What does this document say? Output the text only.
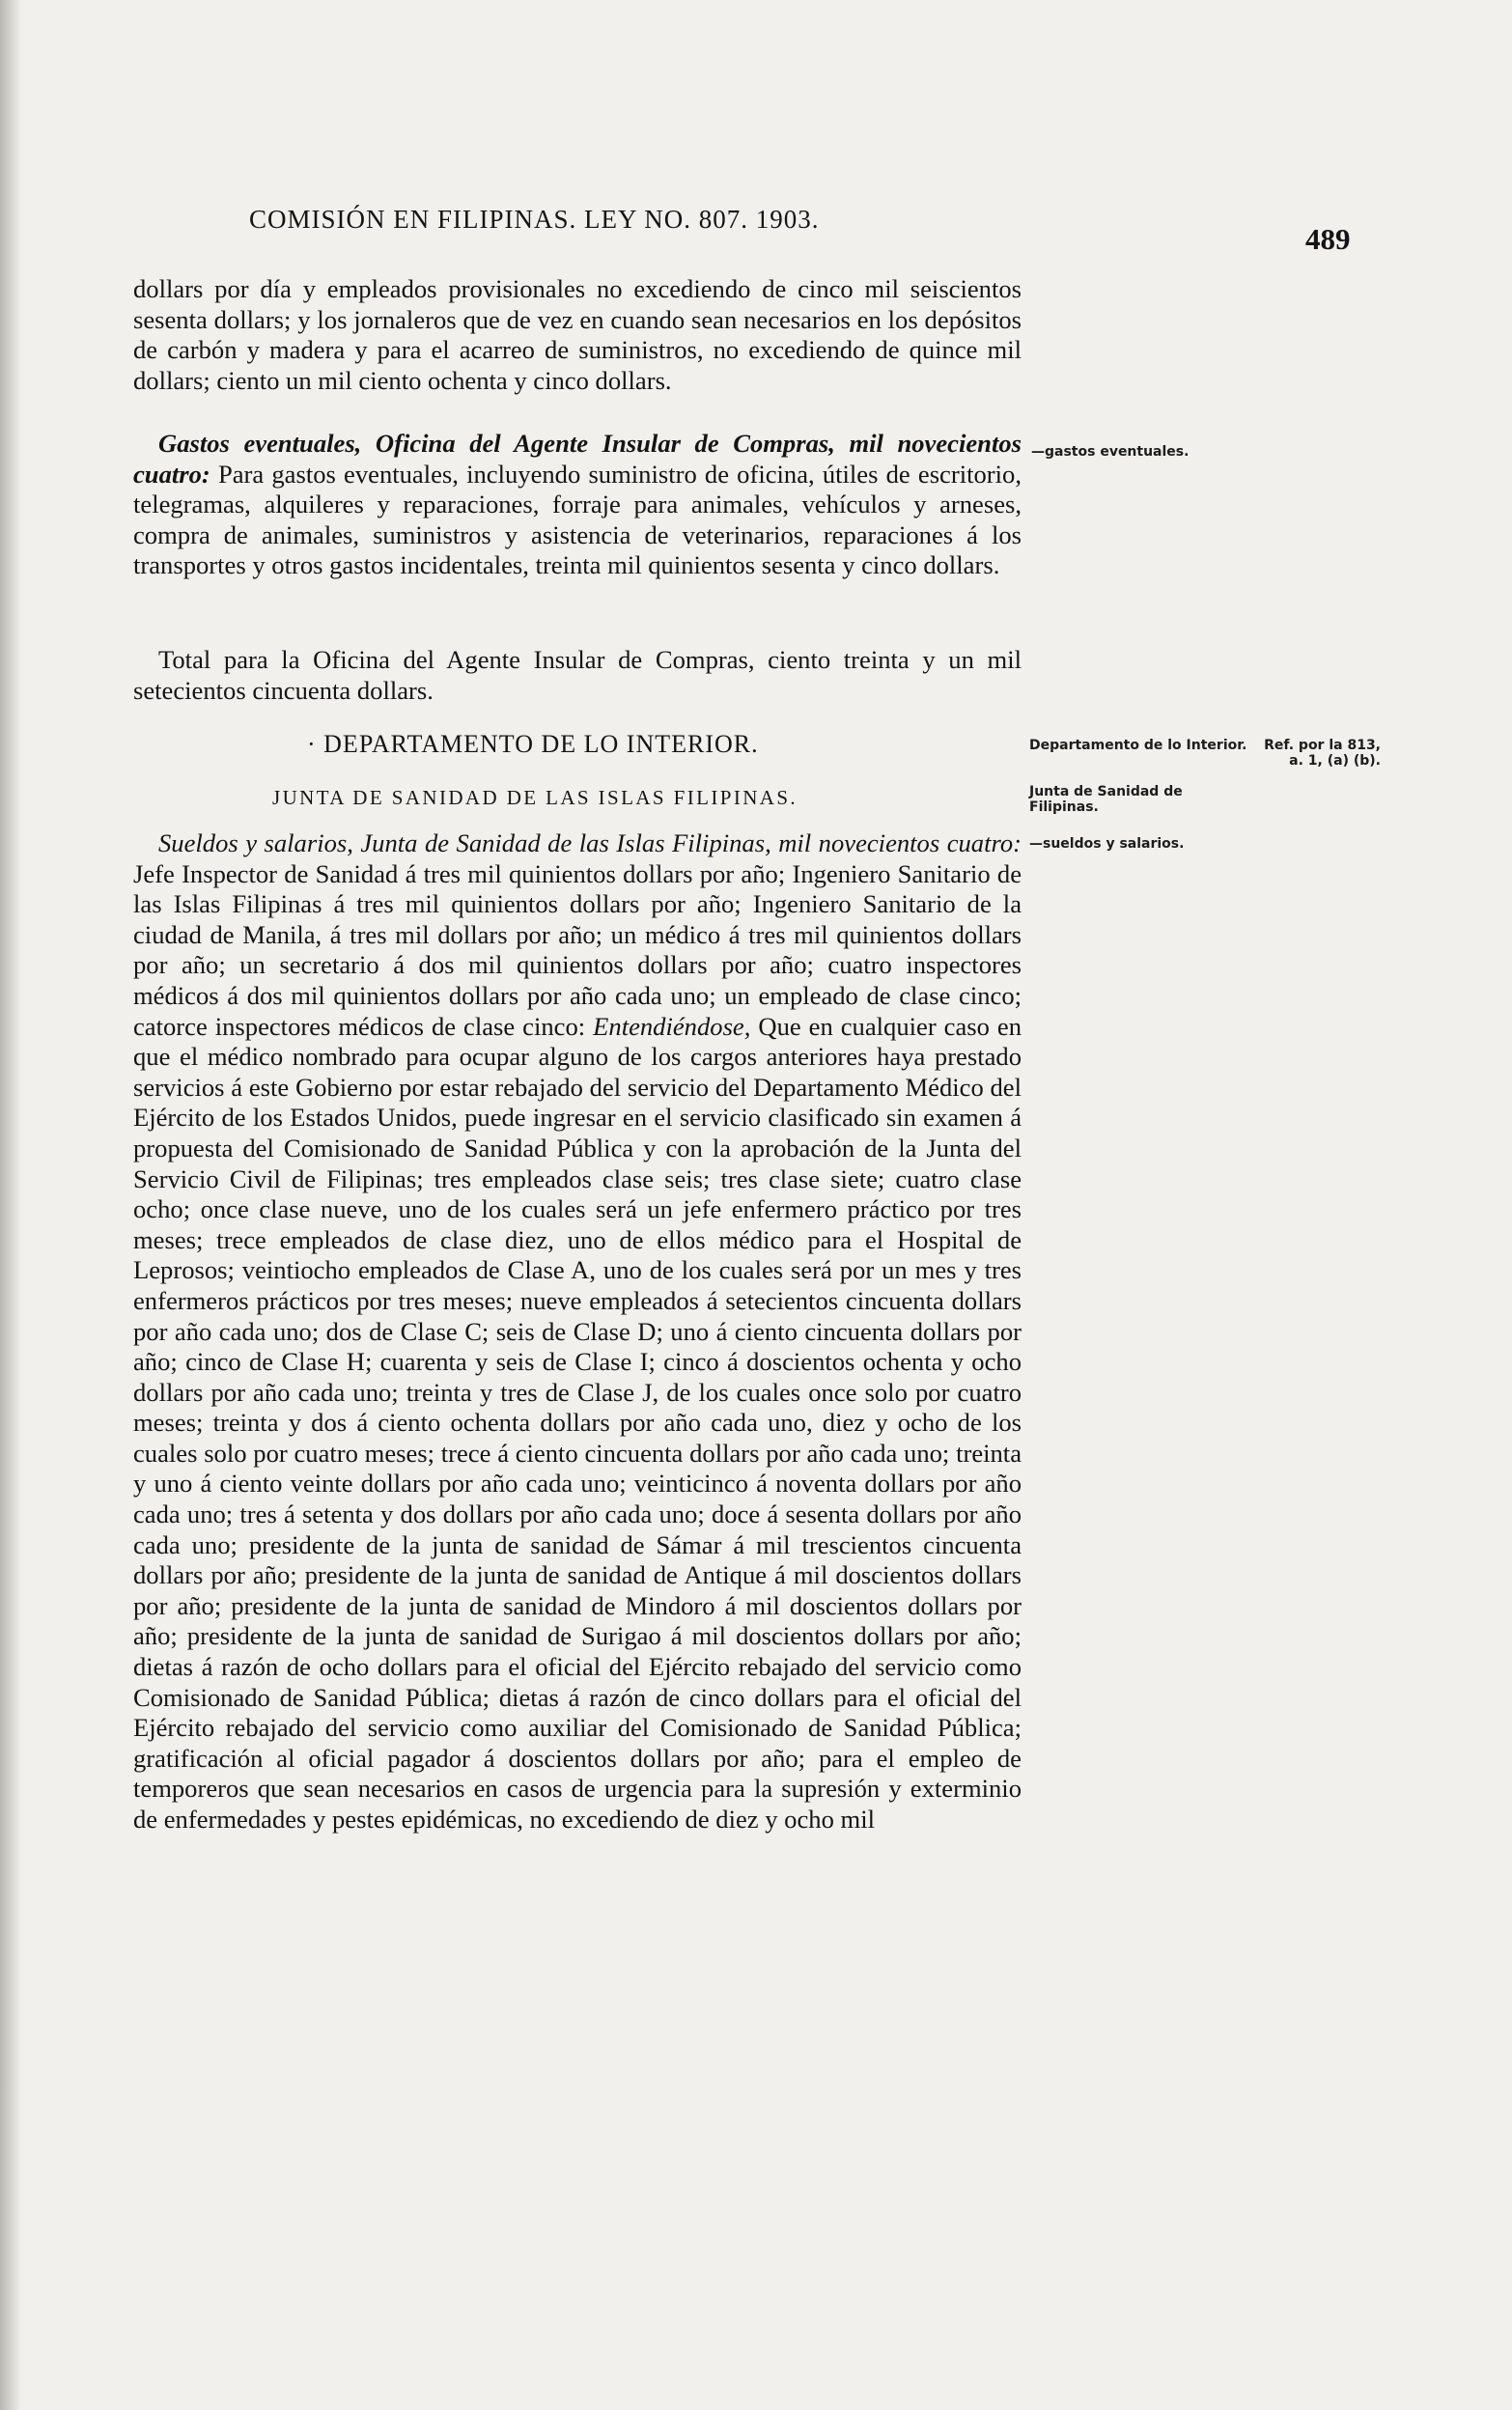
COMISIÓN EN FILIPINAS. LEY NO. 807. 1903.
489

dollars por día y empleados provisionales no excediendo de cinco mil seiscientos sesenta dollars; y los jornaleros que de vez en cuando sean necesarios en los depósitos de carbón y madera y para el acarreo de suministros, no excediendo de quince mil dollars; ciento un mil ciento ochenta y cinco dollars.

Gastos eventuales, Oficina del Agente Insular de Compras, mil novecientos cuatro: Para gastos eventuales, incluyendo suministro de oficina, útiles de escritorio, telegramas, alquileres y reparaciones, forraje para animales, vehículos y arneses, compra de animales, suministros y asistencia de veterinarios, reparaciones á los transportes y otros gastos incidentales, treinta mil quinientos sesenta y cinco dollars.

Total para la Oficina del Agente Insular de Compras, ciento treinta y un mil setecientos cincuenta dollars.

· DEPARTAMENTO DE LO INTERIOR.
JUNTA DE SANIDAD DE LAS ISLAS FILIPINAS.

Sueldos y salarios, Junta de Sanidad de las Islas Filipinas, mil novecientos cuatro: Jefe Inspector de Sanidad á tres mil quinientos dollars por año; Ingeniero Sanitario de las Islas Filipinas á tres mil quinientos dollars por año; Ingeniero Sanitario de la ciudad de Manila, á tres mil dollars por año; un médico á tres mil quinientos dollars por año; un secretario á dos mil quinientos dollars por año; cuatro inspectores médicos á dos mil quinientos dollars por año cada uno; un empleado de clase cinco; catorce inspectores médicos de clase cinco: Entendiéndose, Que en cualquier caso en que el médico nombrado para ocupar alguno de los cargos anteriores haya prestado servicios á este Gobierno por estar rebajado del servicio del Departamento Médico del Ejército de los Estados Unidos, puede ingresar en el servicio clasificado sin examen á propuesta del Comisionado de Sanidad Pública y con la aprobación de la Junta del Servicio Civil de Filipinas; tres empleados clase seis; tres clase siete; cuatro clase ocho; once clase nueve, uno de los cuales será un jefe enfermero práctico por tres meses; trece empleados de clase diez, uno de ellos médico para el Hospital de Leprosos; veintiocho empleados de Clase A, uno de los cuales será por un mes y tres enfermeros prácticos por tres meses; nueve empleados á setecientos cincuenta dollars por año cada uno; dos de Clase C; seis de Clase D; uno á ciento cincuenta dollars por año; cinco de Clase H; cuarenta y seis de Clase I; cinco á doscientos ochenta y ocho dollars por año cada uno; treinta y tres de Clase J, de los cuales once solo por cuatro meses; treinta y dos á ciento ochenta dollars por año cada uno, diez y ocho de los cuales solo por cuatro meses; trece á ciento cincuenta dollars por año cada uno; treinta y uno á ciento veinte dollars por año cada uno; veinticinco á noventa dollars por año cada uno; tres á setenta y dos dollars por año cada uno; doce á sesenta dollars por año cada uno; presidente de la junta de sanidad de Sámar á mil trescientos cincuenta dollars por año; presidente de la junta de sanidad de Antique á mil doscientos dollars por año; presidente de la junta de sanidad de Mindoro á mil doscientos dollars por año; presidente de la junta de sanidad de Surigao á mil doscientos dollars por año; dietas á razón de ocho dollars para el oficial del Ejército rebajado del servicio como Comisionado de Sanidad Pública; dietas á razón de cinco dollars para el oficial del Ejército rebajado del servicio como auxiliar del Comisionado de Sanidad Pública; gratificación al oficial pagador á doscientos dollars por año; para el empleo de temporeros que sean necesarios en casos de urgencia para la supresión y exterminio de enfermedades y pestes epidémicas, no excediendo de diez y ocho mil

—gastos eventuales.
Departamento de lo Interior.
Junta de Sanidad de Filipinas.
—sueldos y salarios.
Ref. por la 813, a. 1, (a) (b).
